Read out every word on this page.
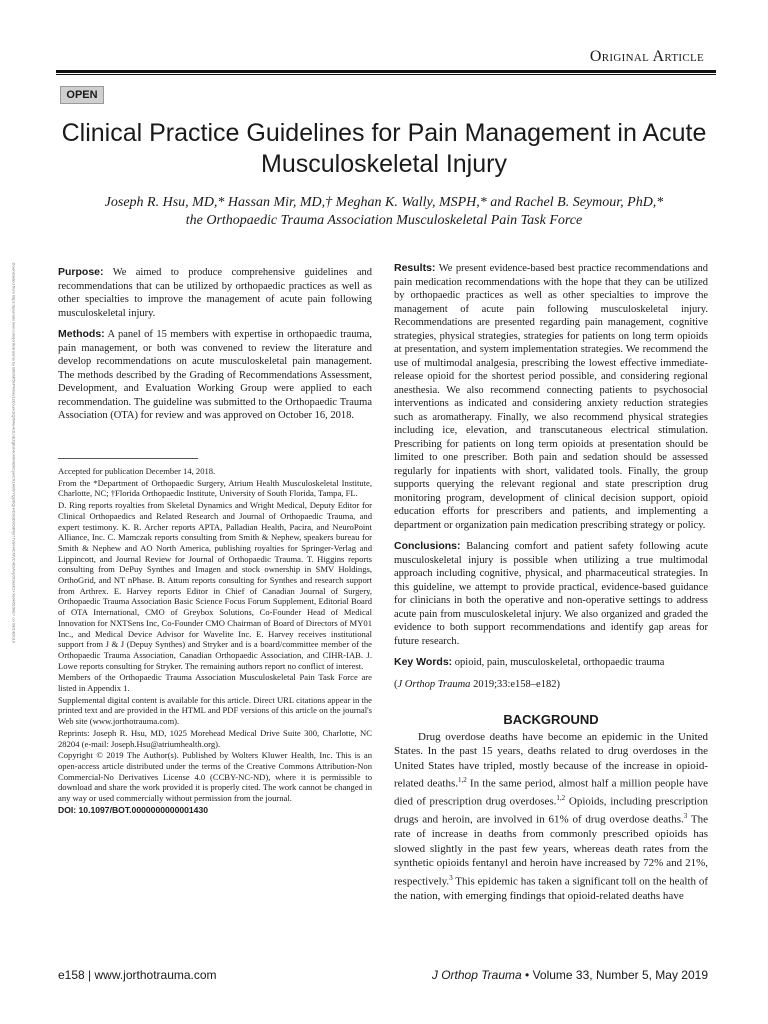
Original Article
OPEN
Clinical Practice Guidelines for Pain Management in Acute Musculoskeletal Injury
Joseph R. Hsu, MD,* Hassan Mir, MD,† Meghan K. Wally, MSPH,* and Rachel B. Seymour, PhD,*
the Orthopaedic Trauma Association Musculoskeletal Pain Task Force
Downloaded from https://journals.lww.com/jorthotrauma by BhDMf5ePHKav1zEoum1tQfN4a+kJLhEZgbsIHo4XMi0hCywCX1AWnYQp/IlQrHD3i3D0OdRyi7TvSFl4Cf3VC4/OAVpDDa8K2+Ya6H515kE= on 08/14/2019	Purpose: We aimed to produce comprehensive guidelines and recommendations that can be utilized by orthopaedic practices as well as other specialties to improve the management of acute pain following musculoskeletal injury.

Methods: A panel of 15 members with expertise in orthopaedic trauma, pain management, or both was convened to review the literature and develop recommendations on acute musculoskeletal pain management. The methods described by the Grading of Recommendations Assessment, Development, and Evaluation Working Group were applied to each recommendation. The guideline was submitted to the Orthopaedic Trauma Association (OTA) for review and was approved on October 16, 2018.

Accepted for publication December 14, 2018.
From the *Department of Orthopaedic Surgery, Atrium Health Musculoskeletal Institute, Charlotte, NC; †Florida Orthopaedic Institute, University of South Florida, Tampa, FL.
D. Ring reports royalties from Skeletal Dynamics and Wright Medical, Deputy Editor for Clinical Orthopaedics and Related Research and Journal of Orthopaedic Trauma, and expert testimony. K. R. Archer reports APTA, Palladian Health, Pacira, and NeuroPoint Alliance, Inc. C. Mamczak reports consulting from Smith & Nephew, speakers bureau for Smith & Nephew and AO North America, publishing royalties for Springer-Verlag and Lippincott, and Journal Review for Journal of Orthopaedic Trauma. T. Higgins reports consulting from DePuy Synthes and Imagen and stock ownership in SMV Holdings, OrthoGrid, and NT nPhase. B. Attum reports consulting for Synthes and research support from Arthrex. E. Harvey reports Editor in Chief of Canadian Journal of Surgery, Orthopaedic Trauma Association Basic Science Focus Forum Supplement, Editorial Board of OTA International, CMO of Greybox Solutions, Co-Founder Head of Medical Innovation for NXTSens Inc, Co-Founder CMO Chairman of Board of Directors of MY01 Inc., and Medical Device Advisor for Wavelite Inc. E. Harvey receives institutional support from J & J (Depuy Synthes) and Stryker and is a board/committee member of the Orthopaedic Trauma Association, Canadian Orthopaedic Association, and CIHR-IAB. J. Lowe reports consulting for Stryker. The remaining authors report no conflict of interest.
Members of the Orthopaedic Trauma Association Musculoskeletal Pain Task Force are listed in Appendix 1.
Supplemental digital content is available for this article. Direct URL citations appear in the printed text and are provided in the HTML and PDF versions of this article on the journal's Web site (www.jorthotrauma.com).
Reprints: Joseph R. Hsu, MD, 1025 Morehead Medical Drive Suite 300, Charlotte, NC 28204 (e-mail: Joseph.Hsu@atriumhealth.org).
Copyright © 2019 The Author(s). Published by Wolters Kluwer Health, Inc. This is an open-access article distributed under the terms of the Creative Commons Attribution-Non Commercial-No Derivatives License 4.0 (CCBY-NC-ND), where it is permissible to download and share the work provided it is properly cited. The work cannot be changed in any way or used commercially without permission from the journal.
DOI: 10.1097/BOT.0000000000001430

Results: We present evidence-based best practice recommendations and pain medication recommendations with the hope that they can be utilized by orthopaedic practices as well as other specialties to improve the management of acute pain following musculoskeletal injury. Recommendations are presented regarding pain management, cognitive strategies, physical strategies, strategies for patients on long term opioids at presentation, and system implementation strategies. We recommend the use of multimodal analgesia, prescribing the lowest effective immediate-release opioid for the shortest period possible, and considering regional anesthesia. We also recommend connecting patients to psychosocial interventions as indicated and considering anxiety reduction strategies such as aromatherapy. Finally, we also recommend physical strategies including ice, elevation, and transcutaneous electrical stimulation. Prescribing for patients on long term opioids at presentation should be limited to one prescriber. Both pain and sedation should be assessed regularly for inpatients with short, validated tools. Finally, the group supports querying the relevant regional and state prescription drug monitoring program, development of clinical decision support, opioid education efforts for prescribers and patients, and implementing a department or organization pain medication prescribing strategy or policy.

Conclusions: Balancing comfort and patient safety following acute musculoskeletal injury is possible when utilizing a true multimodal approach including cognitive, physical, and pharmaceutical strategies. In this guideline, we attempt to provide practical, evidence-based guidance for clinicians in both the operative and non-operative settings to address acute pain from musculoskeletal injury. We also organized and graded the evidence to both support recommendations and identify gap areas for future research.

Key Words: opioid, pain, musculoskeletal, orthopaedic trauma

(J Orthop Trauma 2019;33:e158–e182)

BACKGROUND
Drug overdose deaths have become an epidemic in the United States. In the past 15 years, deaths related to drug overdoses in the United States have tripled, mostly because of the increase in opioid-related deaths.$^{1,2}$ In the same period, almost half a million people have died of prescription drug overdoses.$^{1,2}$ Opioids, including prescription drugs and heroin, are involved in 61% of drug overdose deaths.$^3$ The rate of increase in deaths from commonly prescribed opioids has slowed slightly in the past few years, whereas death rates from the synthetic opioids fentanyl and heroin have increased by 72% and 21%, respectively.$^3$ This epidemic has taken a significant toll on the health of the nation, with emerging findings that opioid-related deaths have
e158 | www.jorthotrauma.com	J Orthop Trauma • Volume 33, Number 5, May 2019
